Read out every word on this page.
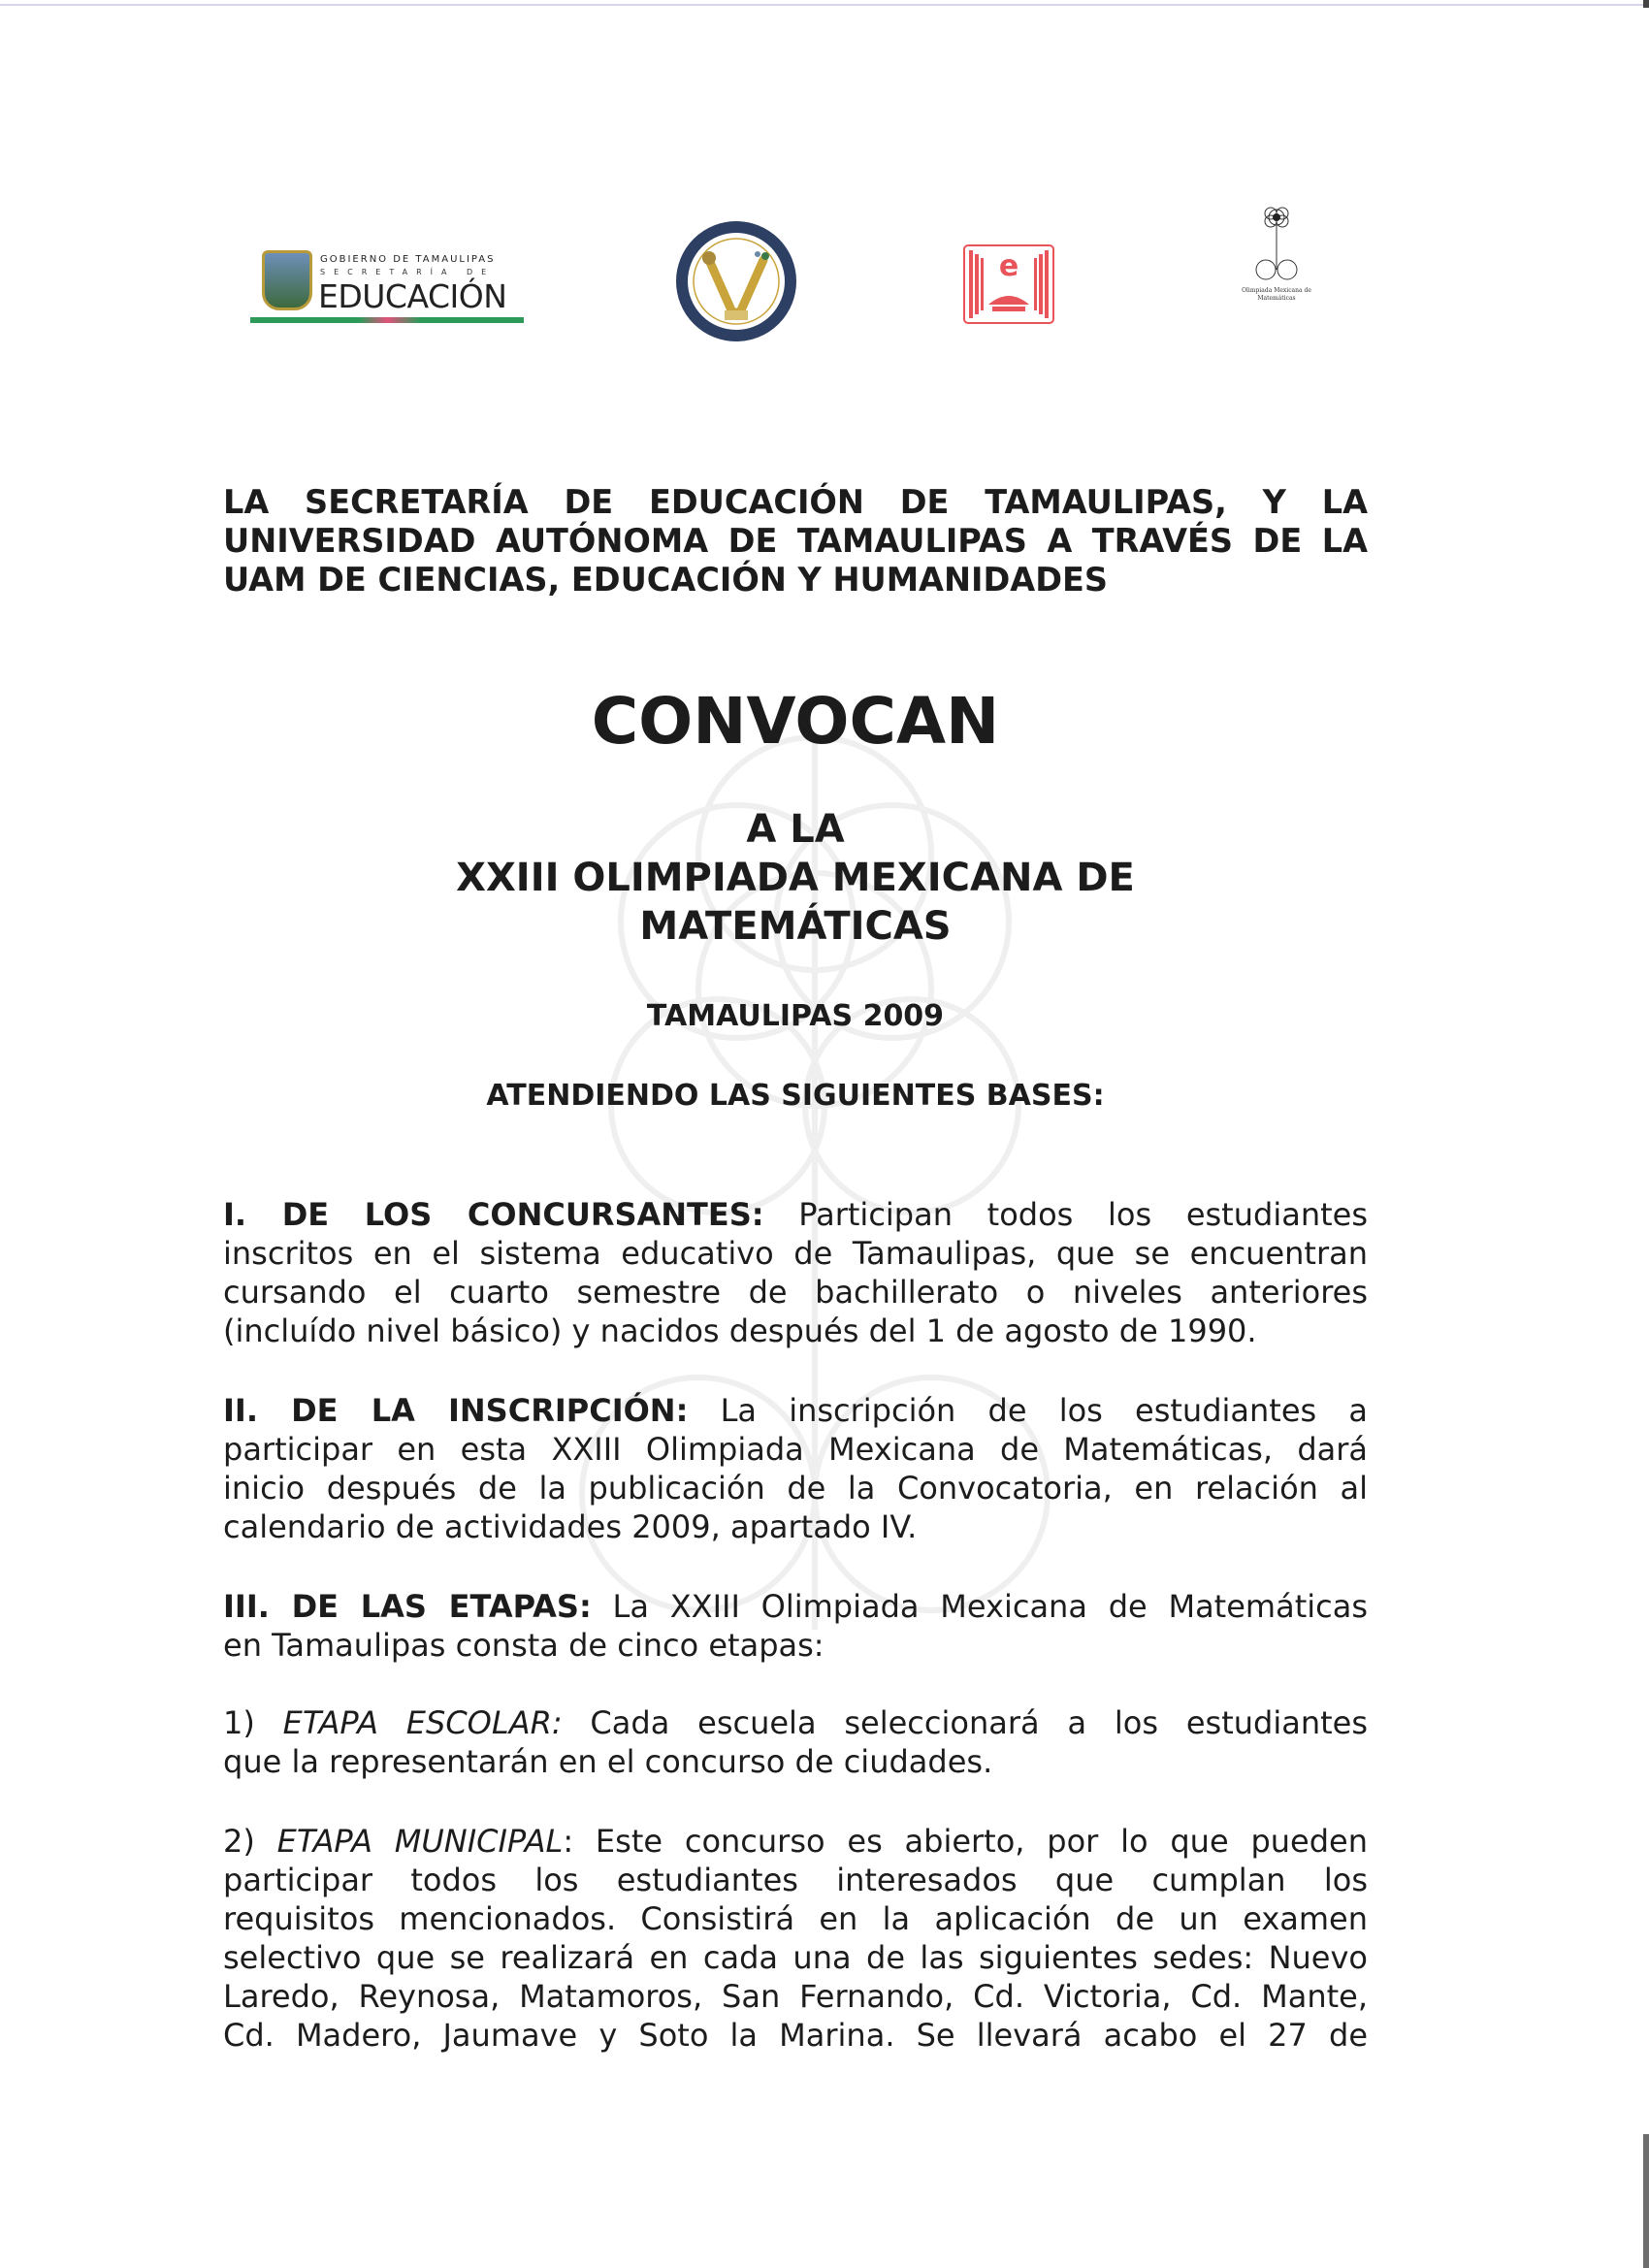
GOBIERNO DE TAMAULIPAS
SECRETARÍA DE
EDUCACIÓN
e
Olimpiada Mexicana de
Matemáticas
LA SECRETARÍA DE EDUCACIÓN DE TAMAULIPAS, Y LA
UNIVERSIDAD AUTÓNOMA DE TAMAULIPAS A TRAVÉS DE LA
UAM DE CIENCIAS, EDUCACIÓN Y HUMANIDADES
CONVOCAN
A LA
XXIII OLIMPIADA MEXICANA DE
MATEMÁTICAS
TAMAULIPAS 2009
ATENDIENDO LAS SIGUIENTES BASES:
I. DE LOS CONCURSANTES: Participan todos los estudiantes
inscritos en el sistema educativo de Tamaulipas, que se encuentran
cursando el cuarto semestre de bachillerato o niveles anteriores
(incluído nivel básico) y nacidos después del 1 de agosto de 1990.
II. DE LA INSCRIPCIÓN: La inscripción de los estudiantes a
participar en esta XXIII Olimpiada Mexicana de Matemáticas, dará
inicio después de la publicación de la Convocatoria, en relación al
calendario de actividades 2009, apartado IV.
III. DE LAS ETAPAS: La XXIII Olimpiada Mexicana de Matemáticas
en Tamaulipas consta de cinco etapas:
1) ETAPA ESCOLAR: Cada escuela seleccionará a los estudiantes
que la representarán en el concurso de ciudades.
2) ETAPA MUNICIPAL: Este concurso es abierto, por lo que pueden
participar todos los estudiantes interesados que cumplan los
requisitos mencionados. Consistirá en la aplicación de un examen
selectivo que se realizará en cada una de las siguientes sedes: Nuevo
Laredo, Reynosa, Matamoros, San Fernando, Cd. Victoria, Cd. Mante,
Cd. Madero, Jaumave y Soto la Marina. Se llevará acabo el 27 de
